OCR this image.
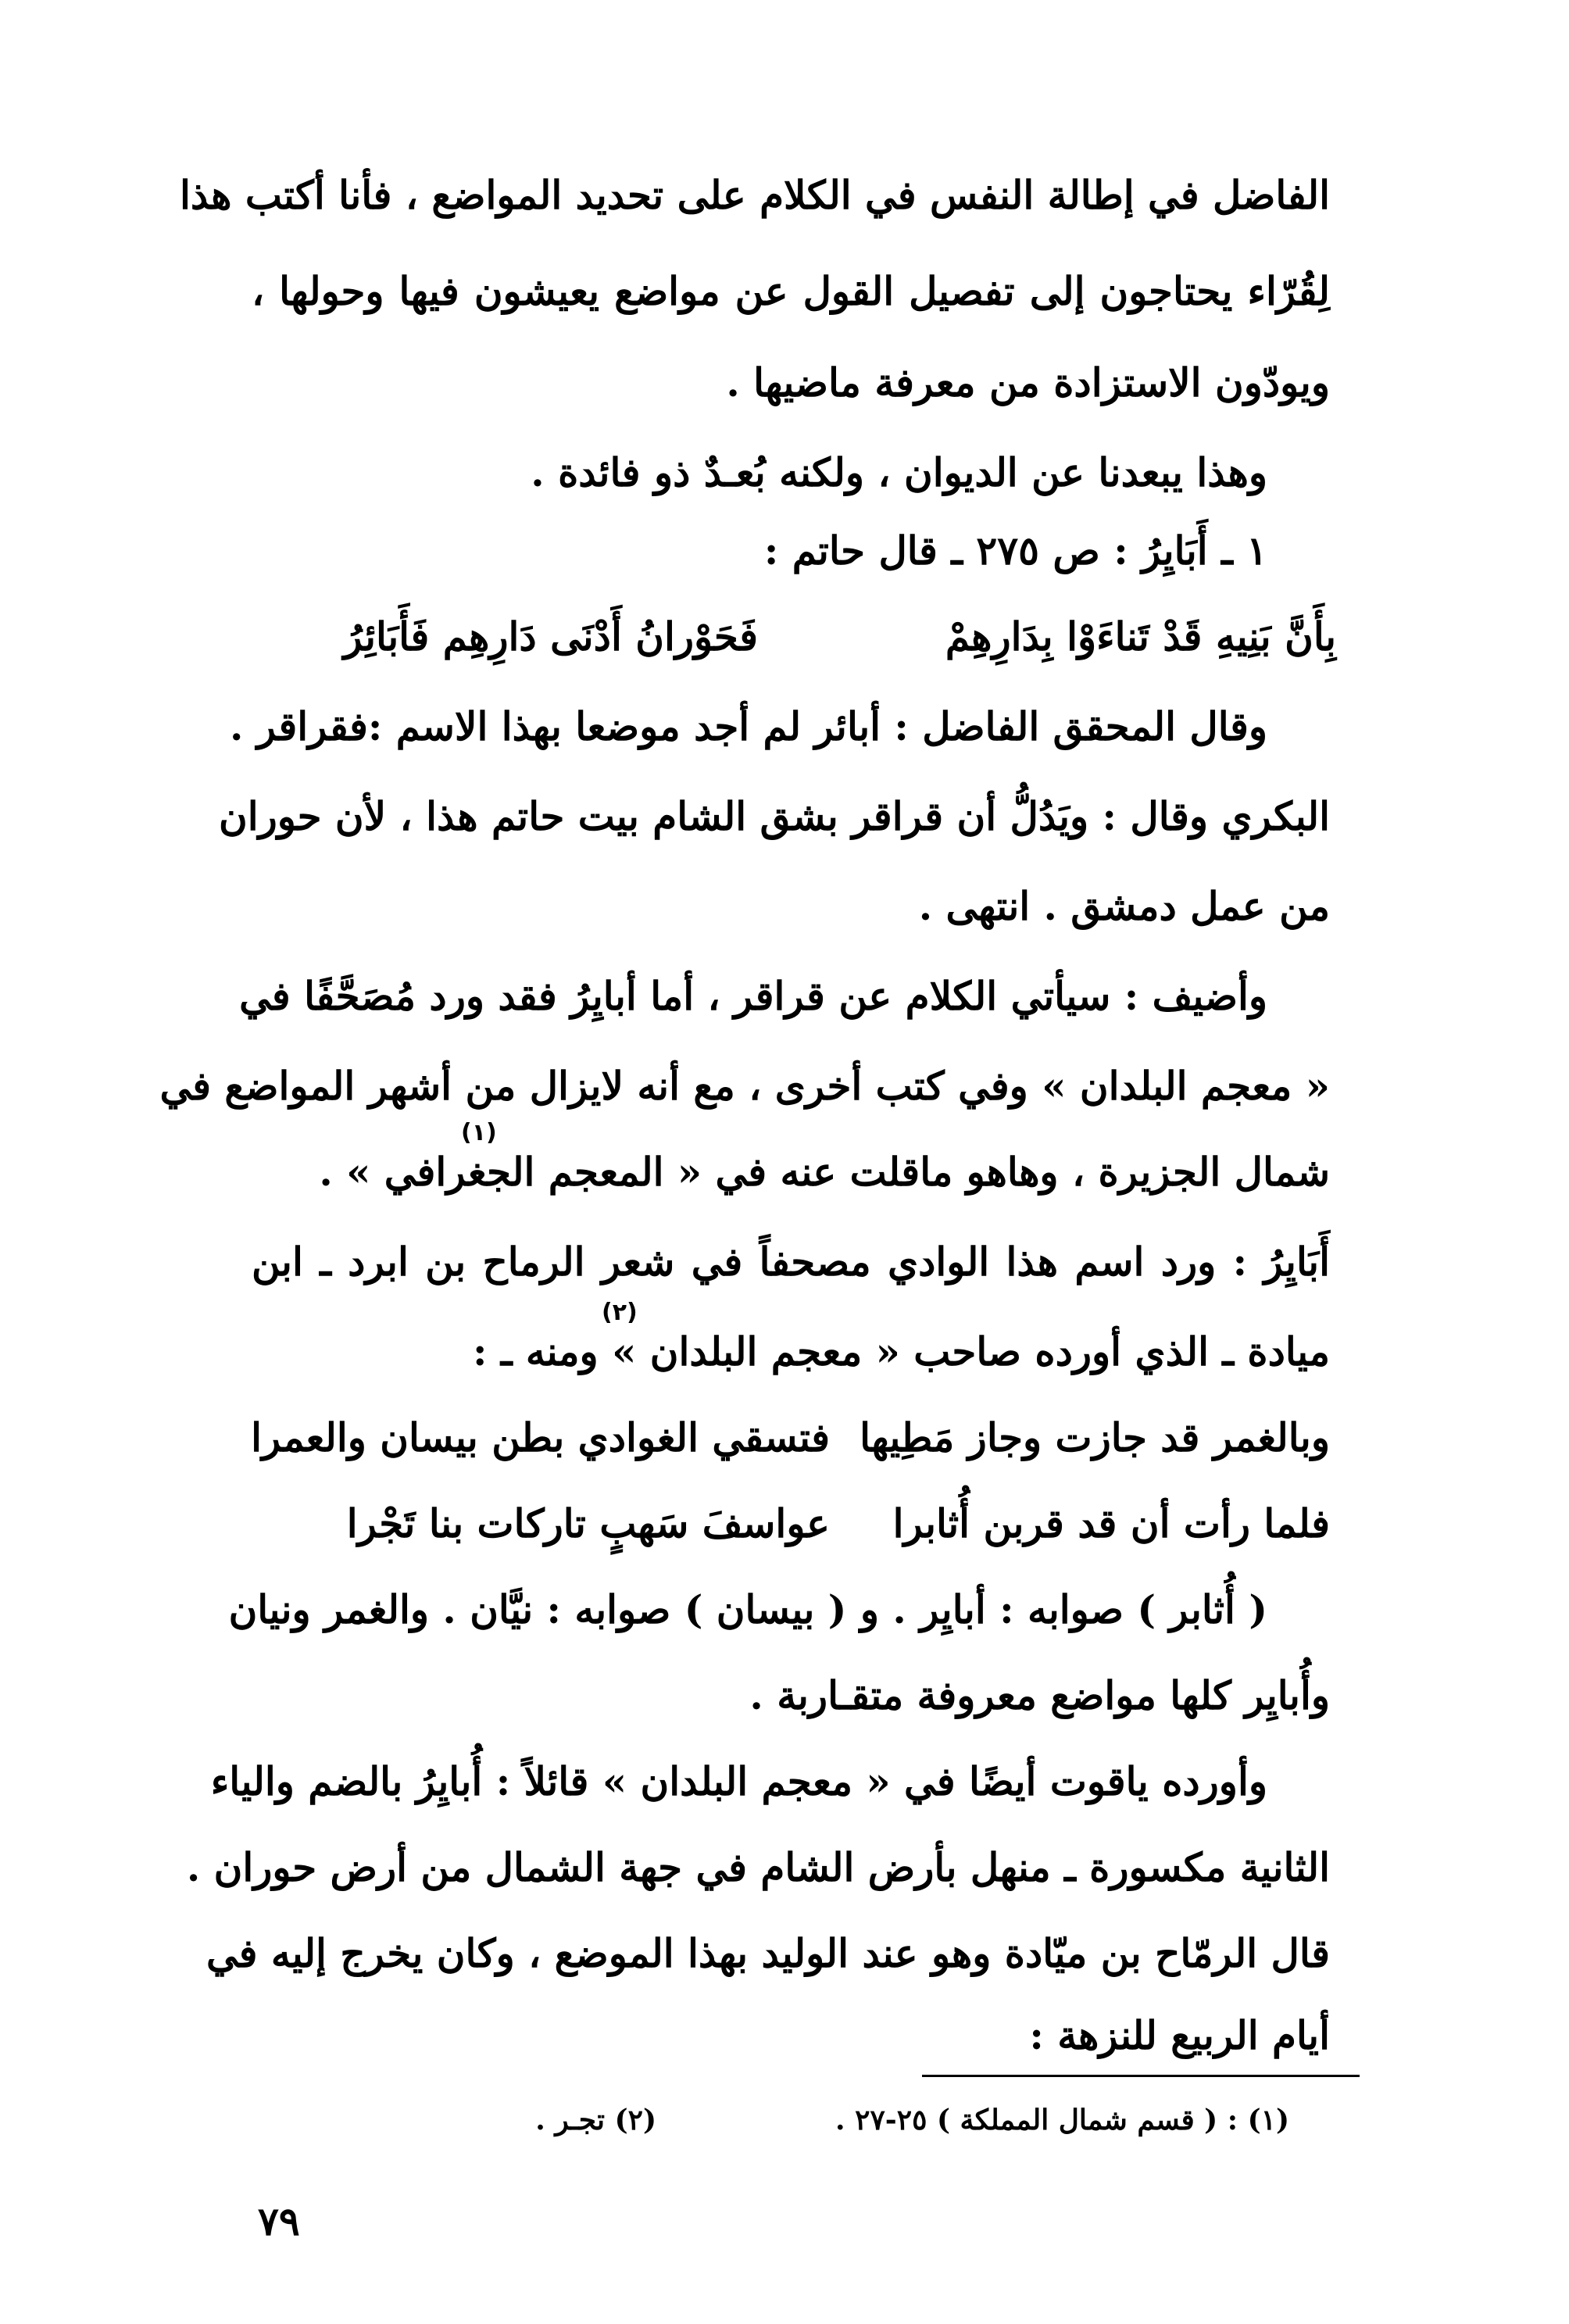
الفاضل في إطالة النفس في الكلام على تحديد المواضع ، فأنا أكتب هذا
لِقُرّاء يحتاجون إلى تفصيل القول عن مواضع يعيشون فيها وحولها ،
ويودّون الاستزادة من معرفة ماضيها .
وهذا يبعدنا عن الديوان ، ولكنه بُعـدٌ ذو فائدة .
١ ـ أَبَايِرُ : ص ٢٧٥ ـ قال حاتم :
بِأَنَّ بَنِيهِ قَدْ تَناءَوْا بِدَارِهِمْ
فَحَوْرانُ أَدْنَى دَارِهِم فَأَبَائِرُ
وقال المحقق الفاضل : أبائر لم أجد موضعا بهذا الاسم :فقراقر .
البكري وقال : ويَدُلُّ أن قراقر بشق الشام بيت حاتم هذا ، لأن حوران
من عمل دمشق . انتهى .
وأضيف : سيأتي الكلام عن قراقر ، أما أبايِرُ فقد ورد مُصَحَّفًا في
« معجم البلدان » وفي كتب أخرى ، مع أنه لايزال من أشهر المواضع في
شمال الجزيرة ، وهاهو ماقلت عنه في « المعجم الجغرافي » .
(١)
أَبَايِرُ : ورد اسم هذا الوادي مصحفاً في شعر الرماح بن ابرد ـ ابن
ميادة ـ الذي أورده صاحب « معجم البلدان » ومنه ـ :
(٢)
وبالغمر قد جازت وجاز مَطِيها
فتسقي الغوادي بطن بيسان والعمرا
فلما رأت أن قد قربن أُثابرا
عواسفَ سَهبٍ تاركات بنا تَجْرا
( أُثابر ) صوابه : أبايِر . و ( بيسان ) صوابه : نيَّان . والغمر ونيان
وأُبايِر كلها مواضع معروفة متقـاربة .
وأورده ياقوت أيضًا في « معجم البلدان » قائلاً : أُبايِرُ بالضم والياء
الثانية مكسورة ـ منهل بأرض الشام في جهة الشمال من أرض حوران .
قال الرمّاح بن ميّادة وهو عند الوليد بهذا الموضع ، وكان يخرج إليه في
أيام الربيع للنزهة :
(١) : ( قسم شمال المملكة ) ٢٥-٢٧ .
(٢) تجـر .
٧٩
